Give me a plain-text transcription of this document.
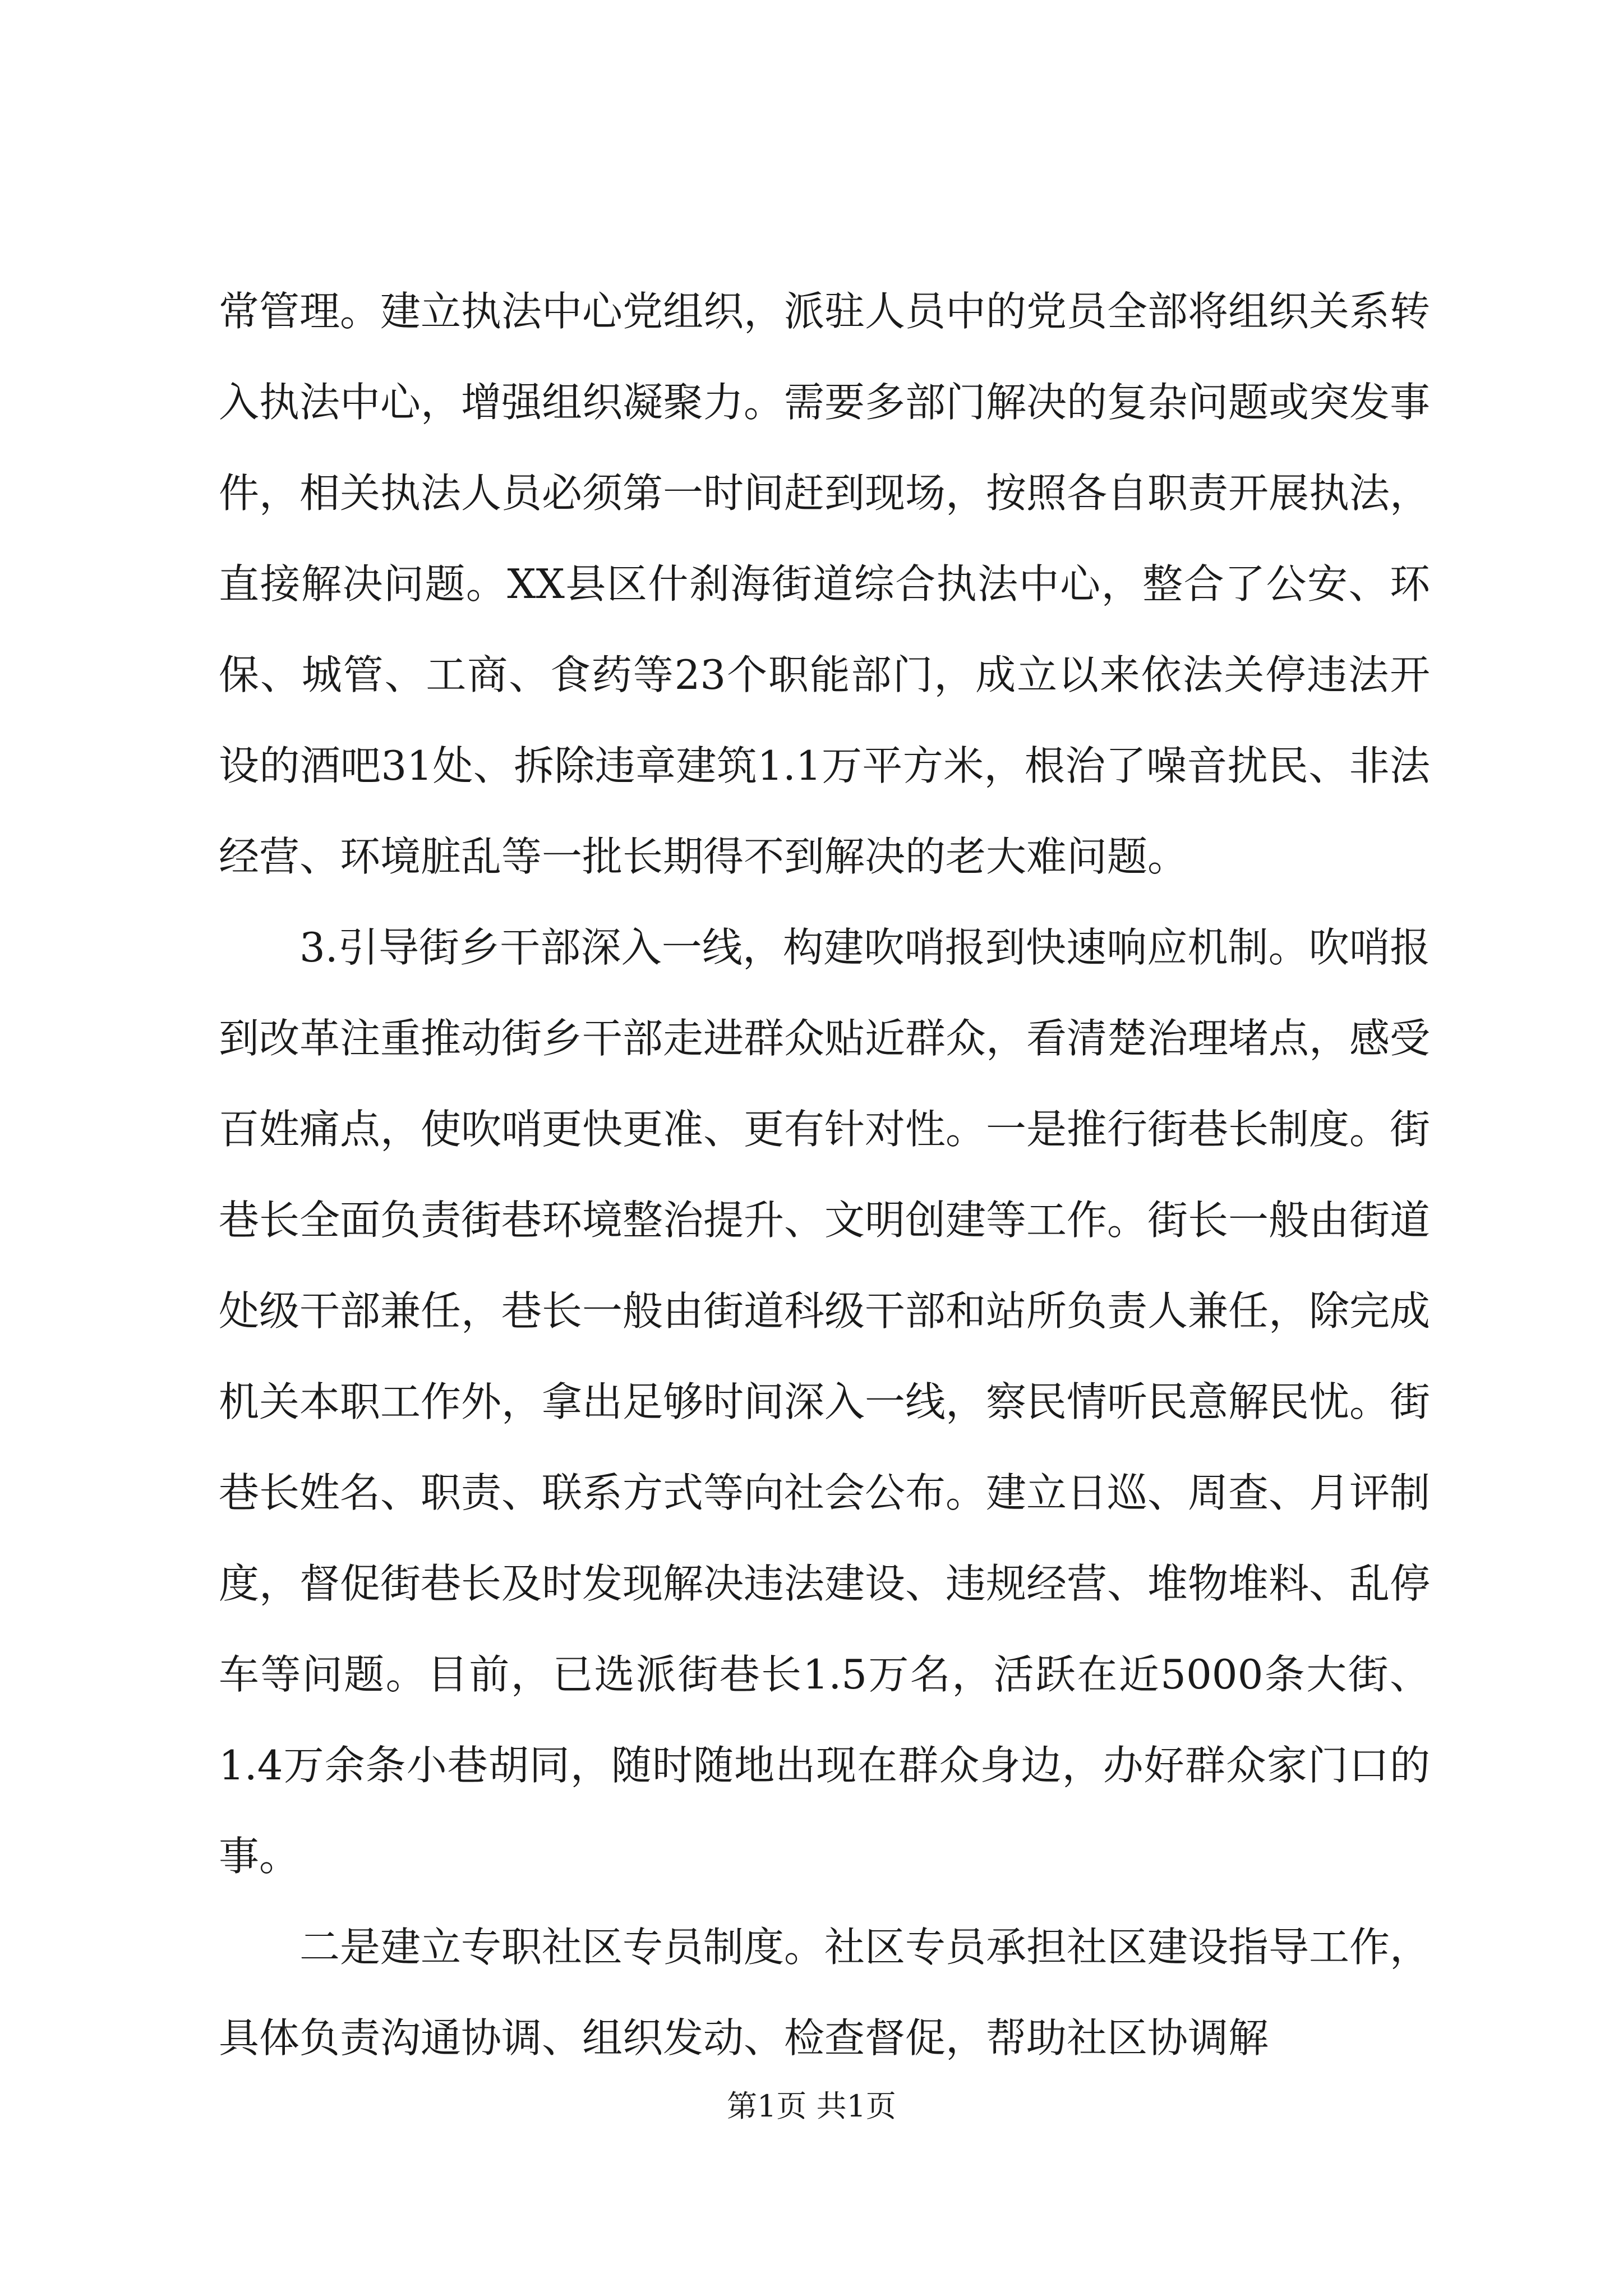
常管理。建立执法中心党组织，派驻人员中的党员全部将组织关系转入执法中心，增强组织凝聚力。需要多部门解决的复杂问题或突发事件，相关执法人员必须第一时间赶到现场，按照各自职责开展执法，直接解决问题。XX县区什刹海街道综合执法中心，整合了公安、环保、城管、工商、食药等23个职能部门，成立以来依法关停违法开设的酒吧31处、拆除违章建筑1.1万平方米，根治了噪音扰民、非法经营、环境脏乱等一批长期得不到解决的老大难问题。

3.引导街乡干部深入一线，构建吹哨报到快速响应机制。吹哨报到改革注重推动街乡干部走进群众贴近群众，看清楚治理堵点，感受百姓痛点，使吹哨更快更准、更有针对性。一是推行街巷长制度。街巷长全面负责街巷环境整治提升、文明创建等工作。街长一般由街道处级干部兼任，巷长一般由街道科级干部和站所负责人兼任，除完成机关本职工作外，拿出足够时间深入一线，察民情听民意解民忧。街巷长姓名、职责、联系方式等向社会公布。建立日巡、周查、月评制度，督促街巷长及时发现解决违法建设、违规经营、堆物堆料、乱停车等问题。目前，已选派街巷长1.5万名，活跃在近5000条大街、1.4万余条小巷胡同，随时随地出现在群众身边，办好群众家门口的事。

二是建立专职社区专员制度。社区专员承担社区建设指导工作，具体负责沟通协调、组织发动、检查督促，帮助社区协调解

第1页 共1页
